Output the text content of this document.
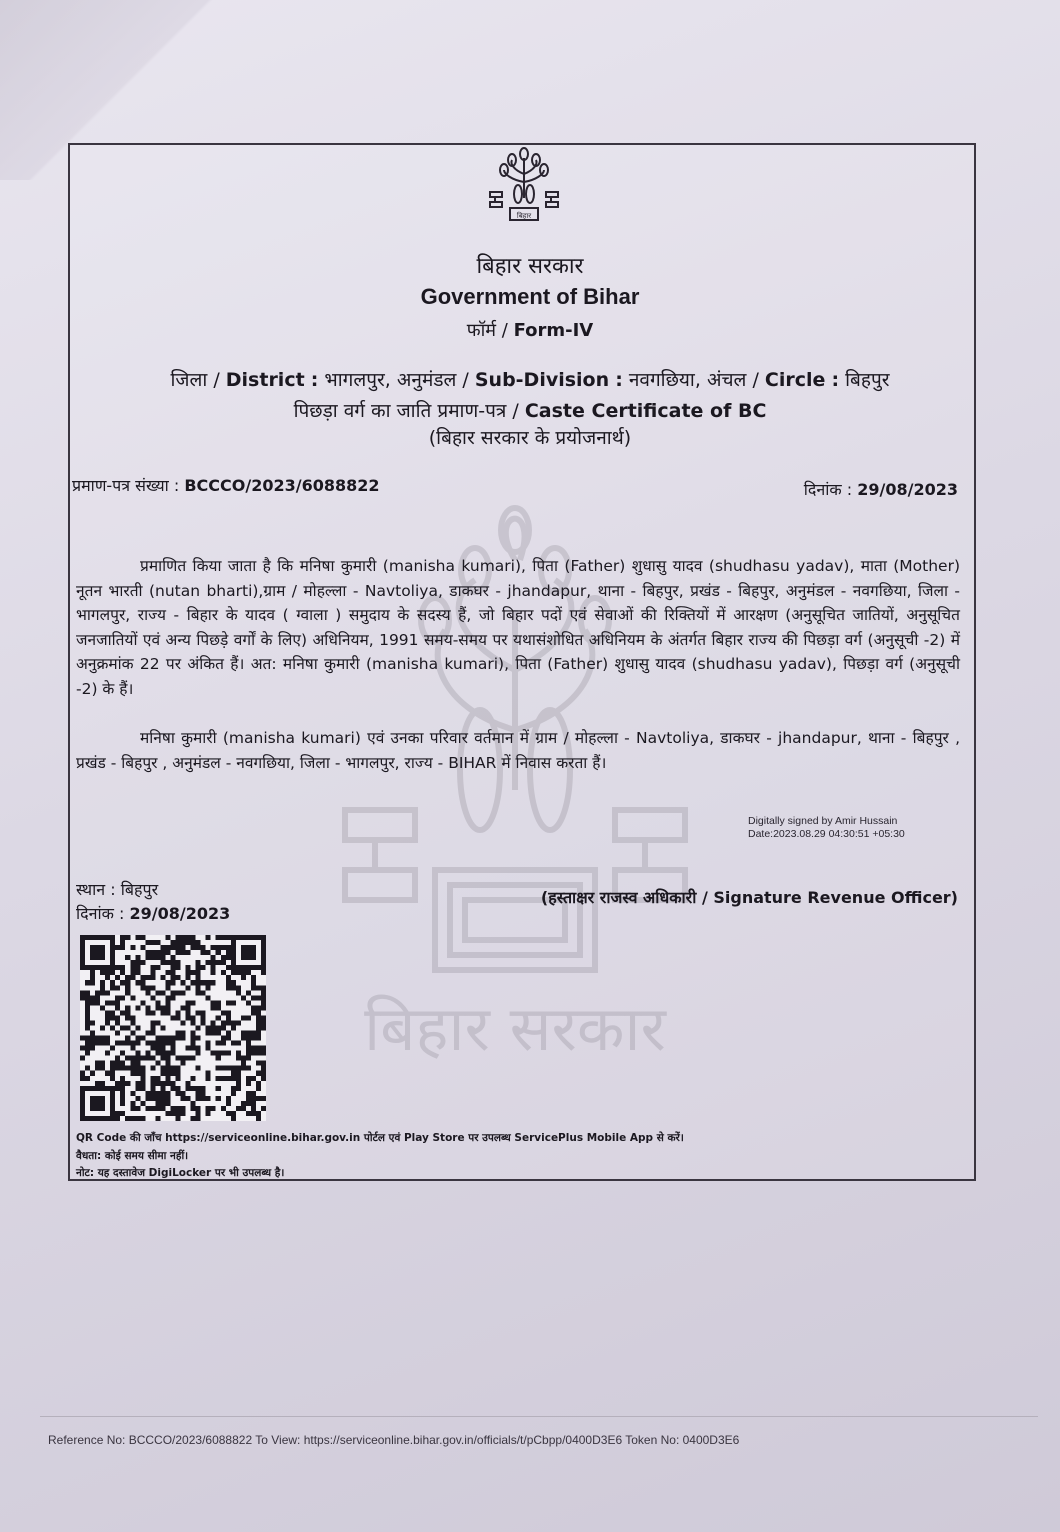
बिहार सरकार
बिहार
बिहार सरकार
Government of Bihar
फॉर्म / Form-IV
जिला / District : भागलपुर, अनुमंडल / Sub-Division : नवगछिया, अंचल / Circle : बिहपुर
पिछड़ा वर्ग का जाति प्रमाण-पत्र / Caste Certificate of BC
(बिहार सरकार के प्रयोजनार्थ)
प्रमाण-पत्र संख्या : BCCCO/2023/6088822	दिनांक : 29/08/2023
प्रमाणित किया जाता है कि मनिषा कुमारी (manisha kumari), पिता (Father) शुधासु यादव (shudhasu yadav), माता (Mother) नूतन भारती (nutan bharti),ग्राम / मोहल्ला - Navtoliya, डाकघर - jhandapur, थाना - बिहपुर, प्रखंड - बिहपुर, अनुमंडल - नवगछिया, जिला - भागलपुर, राज्य - बिहार के यादव ( ग्वाला ) समुदाय के सदस्य हैं, जो बिहार पदों एवं सेवाओं की रिक्तियों में आरक्षण (अनुसूचित जातियों, अनुसूचित जनजातियों एवं अन्य पिछड़े वर्गों के लिए) अधिनियम, 1991 समय-समय पर यथासंशोधित अधिनियम के अंतर्गत बिहार राज्य की पिछड़ा वर्ग (अनुसूची -2) में अनुक्रमांक 22 पर अंकित हैं। अत: मनिषा कुमारी (manisha kumari), पिता (Father) शुधासु यादव (shudhasu yadav), पिछड़ा वर्ग (अनुसूची -2) के हैं।
मनिषा कुमारी (manisha kumari) एवं उनका परिवार वर्तमान में ग्राम / मोहल्ला - Navtoliya, डाकघर - jhandapur, थाना - बिहपुर , प्रखंड - बिहपुर , अनुमंडल - नवगछिया, जिला - भागलपुर, राज्य - BIHAR में निवास करता हैं।
Digitally signed by Amir Hussain
Date:2023.08.29 04:30:51 +05:30
स्थान : बिहपुर
दिनांक : 29/08/2023
(हस्ताक्षर राजस्व अधिकारी / Signature Revenue Officer)
QR Code की जाँच https://serviceonline.bihar.gov.in पोर्टल एवं Play Store पर उपलब्ध ServicePlus Mobile App से करें।
वैधता: कोई समय सीमा नहीं।
नोट: यह दस्तावेज DigiLocker पर भी उपलब्ध है।
Reference No: BCCCO/2023/6088822 To View: https://serviceonline.bihar.gov.in/officials/t/pCbpp/0400D3E6 Token No: 0400D3E6
